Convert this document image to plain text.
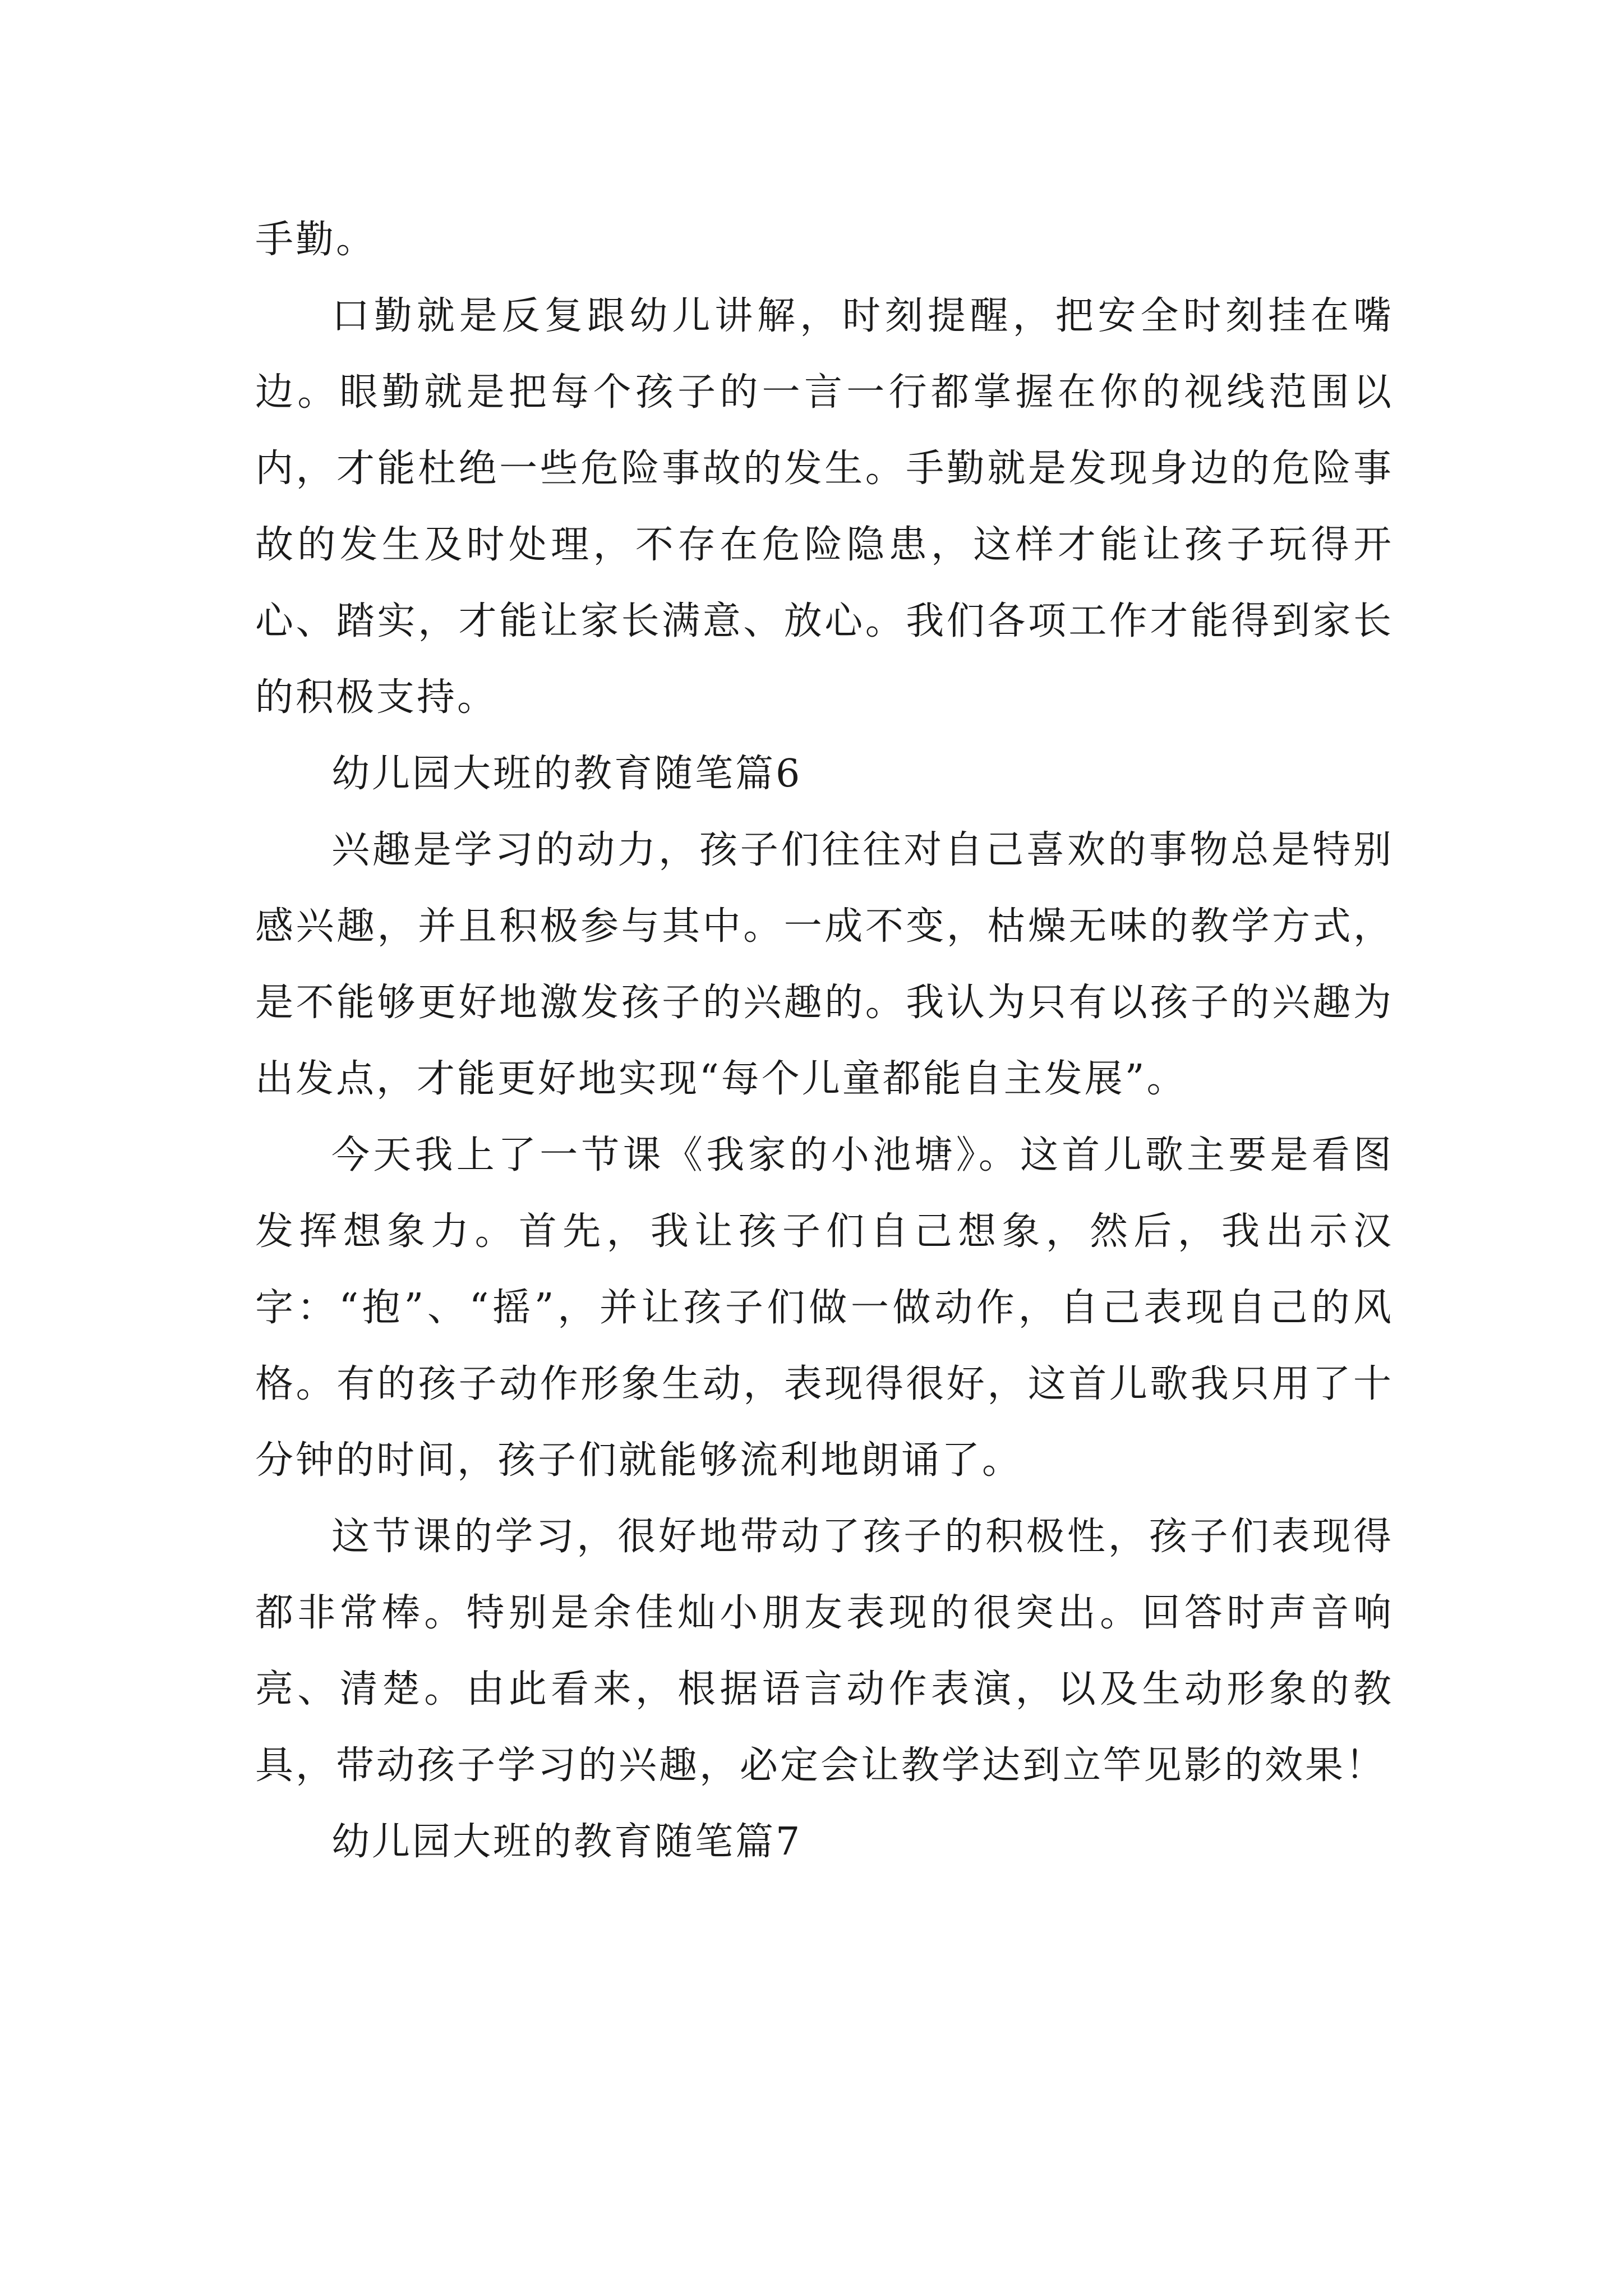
手勤。

口勤就是反复跟幼儿讲解，时刻提醒，把安全时刻挂在嘴边。眼勤就是把每个孩子的一言一行都掌握在你的视线范围以内，才能杜绝一些危险事故的发生。手勤就是发现身边的危险事故的发生及时处理，不存在危险隐患，这样才能让孩子玩得开心、踏实，才能让家长满意、放心。我们各项工作才能得到家长的积极支持。

幼儿园大班的教育随笔篇6

兴趣是学习的动力，孩子们往往对自己喜欢的事物总是特别感兴趣，并且积极参与其中。一成不变，枯燥无味的教学方式，是不能够更好地激发孩子的兴趣的。我认为只有以孩子的兴趣为出发点，才能更好地实现“每个儿童都能自主发展”。

今天我上了一节课《我家的小池塘》。这首儿歌主要是看图发挥想象力。首先，我让孩子们自己想象，然后，我出示汉字：“抱”、“摇”，并让孩子们做一做动作，自己表现自己的风格。有的孩子动作形象生动，表现得很好，这首儿歌我只用了十分钟的时间，孩子们就能够流利地朗诵了。

这节课的学习，很好地带动了孩子的积极性，孩子们表现得都非常棒。特别是余佳灿小朋友表现的很突出。回答时声音响亮、清楚。由此看来，根据语言动作表演，以及生动形象的教具，带动孩子学习的兴趣，必定会让教学达到立竿见影的效果！

幼儿园大班的教育随笔篇7
